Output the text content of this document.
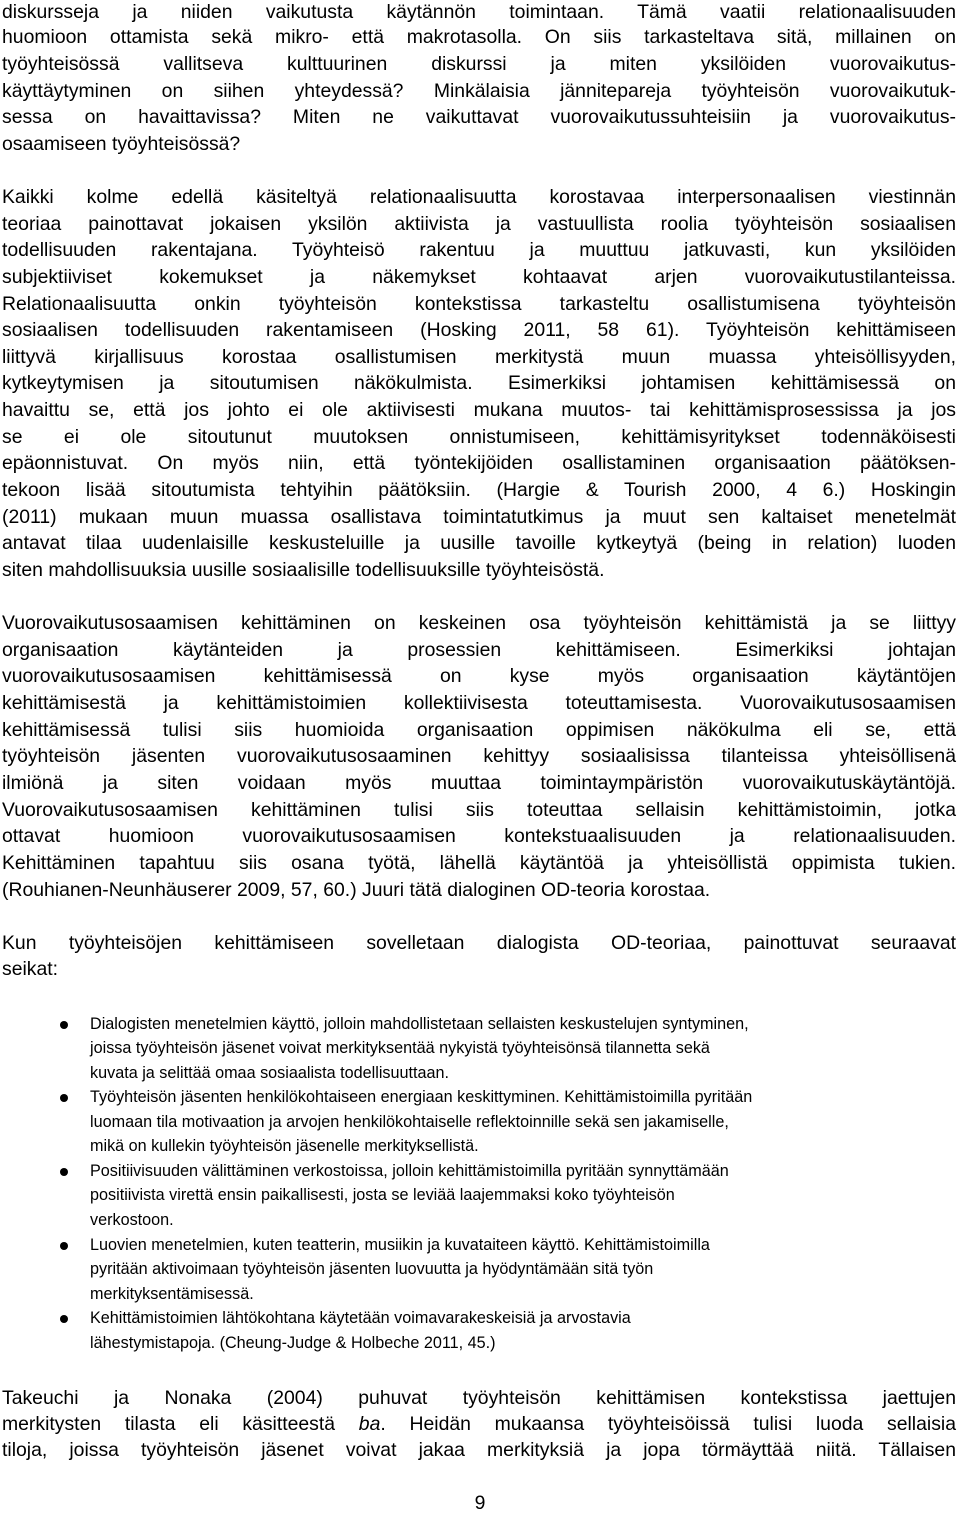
diskursseja ja niiden vaikutusta käytännön toimintaan. Tämä vaatii relationaalisuuden
huomioon ottamista sekä mikro- että makrotasolla. On siis tarkasteltava sitä, millainen on
työyhteisössä vallitseva kulttuurinen diskurssi ja miten yksilöiden vuorovaikutus-
käyttäytyminen on siihen yhteydessä? Minkälaisia jännitepareja työyhteisön vuorovaikutuk-
sessa on havaittavissa? Miten ne vaikuttavat vuorovaikutussuhteisiin ja vuorovaikutus-
osaamiseen työyhteisössä?
Kaikki kolme edellä käsiteltyä relationaalisuutta korostavaa interpersonaalisen viestinnän
teoriaa painottavat jokaisen yksilön aktiivista ja vastuullista roolia työyhteisön sosiaalisen
todellisuuden rakentajana. Työyhteisö rakentuu ja muuttuu jatkuvasti, kun yksilöiden
subjektiiviset kokemukset ja näkemykset kohtaavat arjen vuorovaikutustilanteissa.
Relationaalisuutta onkin työyhteisön kontekstissa tarkasteltu osallistumisena työyhteisön
sosiaalisen todellisuuden rakentamiseen (Hosking 2011, 58 61). Työyhteisön kehittämiseen
liittyvä kirjallisuus korostaa osallistumisen merkitystä muun muassa yhteisöllisyyden,
kytkeytymisen ja sitoutumisen näkökulmista. Esimerkiksi johtamisen kehittämisessä on
havaittu se, että jos johto ei ole aktiivisesti mukana muutos- tai kehittämisprosessissa ja jos
se ei ole sitoutunut muutoksen onnistumiseen, kehittämisyritykset todennäköisesti
epäonnistuvat. On myös niin, että työntekijöiden osallistaminen organisaation päätöksen-
tekoon lisää sitoutumista tehtyihin päätöksiin. (Hargie & Tourish 2000, 4 6.) Hoskingin
(2011) mukaan muun muassa osallistava toimintatutkimus ja muut sen kaltaiset menetelmät
antavat tilaa uudenlaisille keskusteluille ja uusille tavoille kytkeytyä (being in relation) luoden
siten mahdollisuuksia uusille sosiaalisille todellisuuksille työyhteisöstä.
Vuorovaikutusosaamisen kehittäminen on keskeinen osa työyhteisön kehittämistä ja se liittyy
organisaation käytänteiden ja prosessien kehittämiseen. Esimerkiksi johtajan
vuorovaikutusosaamisen kehittämisessä on kyse myös organisaation käytäntöjen
kehittämisestä ja kehittämistoimien kollektiivisesta toteuttamisesta. Vuorovaikutusosaamisen
kehittämisessä tulisi siis huomioida organisaation oppimisen näkökulma eli se, että
työyhteisön jäsenten vuorovaikutusosaaminen kehittyy sosiaalisissa tilanteissa yhteisöllisenä
ilmiönä ja siten voidaan myös muuttaa toimintaympäristön vuorovaikutuskäytäntöjä.
Vuorovaikutusosaamisen kehittäminen tulisi siis toteuttaa sellaisin kehittämistoimin, jotka
ottavat huomioon vuorovaikutusosaamisen kontekstuaalisuuden ja relationaalisuuden.
Kehittäminen tapahtuu siis osana työtä, lähellä käytäntöä ja yhteisöllistä oppimista tukien.
(Rouhianen-Neunhäuserer 2009, 57, 60.) Juuri tätä dialoginen OD-teoria korostaa.
Kun työyhteisöjen kehittämiseen sovelletaan dialogista OD-teoriaa, painottuvat seuraavat
seikat:
Dialogisten menetelmien käyttö, jolloin mahdollistetaan sellaisten keskustelujen syntyminen,
joissa työyhteisön jäsenet voivat merkityksentää nykyistä työyhteisönsä tilannetta sekä
kuvata ja selittää omaa sosiaalista todellisuuttaan.
Työyhteisön jäsenten henkilökohtaiseen energiaan keskittyminen. Kehittämistoimilla pyritään
luomaan tila motivaation ja arvojen henkilökohtaiselle reflektoinnille sekä sen jakamiselle,
mikä on kullekin työyhteisön jäsenelle merkityksellistä.
Positiivisuuden välittäminen verkostoissa, jolloin kehittämistoimilla pyritään synnyttämään
positiivista virettä ensin paikallisesti, josta se leviää laajemmaksi koko työyhteisön
verkostoon.
Luovien menetelmien, kuten teatterin, musiikin ja kuvataiteen käyttö. Kehittämistoimilla
pyritään aktivoimaan työyhteisön jäsenten luovuutta ja hyödyntämään sitä työn
merkityksentämisessä.
Kehittämistoimien lähtökohtana käytetään voimavarakeskeisiä ja arvostavia
lähestymistapoja. (Cheung-Judge & Holbeche 2011, 45.)
Takeuchi ja Nonaka (2004) puhuvat työyhteisön kehittämisen kontekstissa jaettujen
merkitysten tilasta eli käsitteestä ba. Heidän mukaansa työyhteisöissä tulisi luoda sellaisia
tiloja, joissa työyhteisön jäsenet voivat jakaa merkityksiä ja jopa törmäyttää niitä. Tällaisen
9
